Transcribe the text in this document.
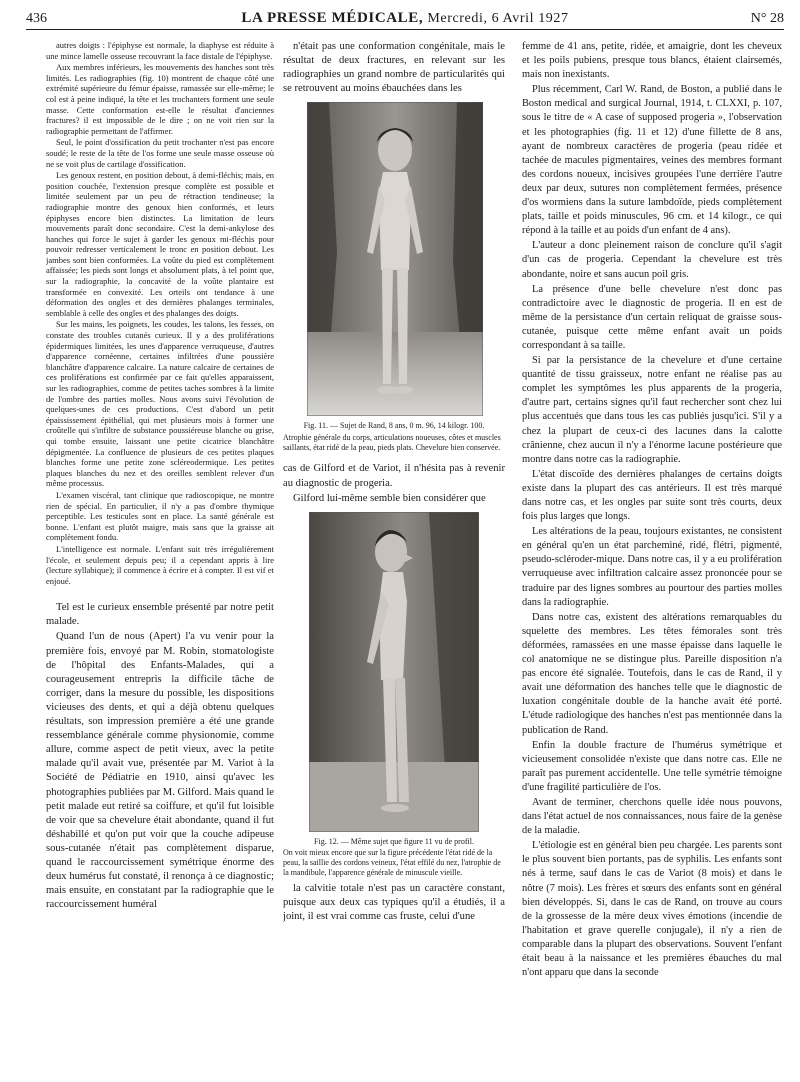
436	LA PRESSE MÉDICALE, Mercredi, 6 Avril 1927	N° 28

autres doigts : l'épiphyse est normale, la diaphyse est réduite à une mince lamelle osseuse recouvrant la face distale de l'épiphyse.

Aux membres inférieurs, les mouvements des hanches sont très limités. Les radiographies (fig. 10) montrent de chaque côté une extrémité supérieure du fémur épaisse, ramassée sur elle-même; le col est à peine indiqué, la tête et les trochanters forment une seule masse. Cette conformation est-elle le résultat d'anciennes fractures? il est impossible de le dire ; on ne voit rien sur la radiographie permettant de l'affirmer.

Seul, le point d'ossification du petit trochanter n'est pas encore soudé; le reste de la tête de l'os forme une seule masse osseuse où ne se voit plus de cartilage d'ossification.

Les genoux restent, en position debout, à demi-fléchis; mais, en position couchée, l'extension presque complète est possible et limitée seulement par un peu de rétraction tendineuse; la radiographie montre des genoux bien conformés, et leurs épiphyses encore bien distinctes. La limitation de leurs mouvements paraît donc secondaire. C'est la demi-ankylose des hanches qui force le sujet à garder les genoux mi-fléchis pour pouvoir redresser verticalement le tronc en position debout. Les jambes sont bien conformées. La voûte du pied est complètement affaissée; les pieds sont longs et absolument plats, à tel point que, sur la radiographie, la concavité de la voûte plantaire est transformée en convexité. Les orteils ont tendance à une déformation des ongles et des dernières phalanges terminales, semblable à celle des ongles et des phalanges des doigts.

Sur les mains, les poignets, les coudes, les talons, les fesses, on constate des troubles cutanés curieux. Il y a des proliférations épidermiques limitées, les unes d'apparence verruqueuse, d'autres d'apparence cornéenne, certaines infiltrées d'une poussière blanchâtre d'apparence calcaire. La nature calcaire de certaines de ces proliférations est confirmée par ce fait qu'elles apparaissent, sur les radiographies, comme de petites taches sombres à la limite de l'ombre des parties molles. Nous avons suivi l'évolution de quelques-unes de ces productions. C'est d'abord un petit épaississement épithélial, qui met plusieurs mois à former une croûtelle qui s'infiltre de substance poussiéreuse blanche ou grise, qui tombe ensuite, laissant une petite cicatrice blanchâtre dépigmentée. La confluence de plusieurs de ces petites plaques blanches forme une petite zone scléreodermique. Les petites plaques blanches du nez et des oreilles semblent relever d'un même processus.

L'examen viscéral, tant clinique que radioscopique, ne montre rien de spécial. En particulier, il n'y a pas d'ombre thymique perceptible. Les testicules sont en place. La santé générale est bonne. L'enfant est plutôt maigre, mais sans que la graisse ait complètement fondu.

L'intelligence est normale. L'enfant suit très irrégulièrement l'école, et seulement depuis peu; il a cependant appris à lire (lecture syllabique); il commence à écrire et à compter. Il est vif et enjoué.

Tel est le curieux ensemble présenté par notre petit malade.

Quand l'un de nous (Apert) l'a vu venir pour la première fois, envoyé par M. Robin, stomatologiste de l'hôpital des Enfants-Malades, qui a courageusement entrepris la difficile tâche de corriger, dans la mesure du possible, les dispositions vicieuses des dents, et qui a déjà obtenu quelques résultats, son impression première a été une grande ressemblance générale comme physionomie, comme allure, comme aspect de petit vieux, avec la petite malade qu'il avait vue, présentée par M. Variot à la Société de Pédiatrie en 1910, ainsi qu'avec les photographies publiées par M. Gilford. Mais quand le petit malade eut retiré sa coiffure, et qu'il fut loisible de voir que sa chevelure était abondante, quand il fut déshabillé et qu'on put voir que la couche adipeuse sous-cutanée n'était pas complètement disparue, quand le raccourcissement symétrique énorme des deux humérus fut constaté, il renonça à ce diagnostic; mais ensuite, en constatant par la radiographie que le raccourcissement huméral

n'était pas une conformation congénitale, mais le résultat de deux fractures, en relevant sur les radiographies un grand nombre de particularités qui se retrouvent au moins ébauchées dans les

Fig. 11. — Sujet de Rand, 8 ans, 0 m. 96, 14 kilogr. 100.
Atrophie générale du corps, articulations noueuses, côtes et muscles saillants, état ridé de la peau, pieds plats. Chevelure bien conservée.

cas de Gilford et de Variot, il n'hésita pas à revenir au diagnostic de progeria.

Gilford lui-même semble bien considérer que

Fig. 12. — Même sujet que figure 11 vu de profil.
On voit mieux encore que sur la figure précédente l'état ridé de la peau, la saillie des cordons veineux, l'état effilé du nez, l'atrophie de la mandibule, l'apparence générale de minuscule vieille.

la calvitie totale n'est pas un caractère constant, puisque aux deux cas typiques qu'il a étudiés, il a joint, il est vrai comme cas fruste, celui d'une

femme de 41 ans, petite, ridée, et amaigrie, dont les cheveux et les poils pubiens, presque tous blancs, étaient clairsemés, mais non inexistants.

Plus récemment, Carl W. Rand, de Boston, a publié dans le Boston medical and surgical Journal, 1914, t. CLXXI, p. 107, sous le titre de « A case of supposed progeria », l'observation et les photographies (fig. 11 et 12) d'une fillette de 8 ans, ayant de nombreux caractères de progeria (peau ridée et tachée de macules pigmentaires, veines des membres formant des cordons noueux, incisives groupées l'une derrière l'autre deux par deux, sutures non complètement fermées, présence d'os wormiens dans la suture lambdoïde, pieds complètement plats, taille et poids minuscules, 96 cm. et 14 kilogr., ce qui répond à la taille et au poids d'un enfant de 4 ans).

L'auteur a donc pleinement raison de conclure qu'il s'agit d'un cas de progeria. Cependant la chevelure est très abondante, noire et sans aucun poil gris.

La présence d'une belle chevelure n'est donc pas contradictoire avec le diagnostic de progeria. Il en est de même de la persistance d'un certain reliquat de graisse sous-cutanée, puisque cette même enfant avait un poids correspondant à sa taille.

Si par la persistance de la chevelure et d'une certaine quantité de tissu graisseux, notre enfant ne réalise pas au complet les symptômes les plus apparents de la progeria, d'autre part, certains signes qu'il faut rechercher sont chez lui plus accentués que dans tous les cas publiés jusqu'ici. S'il y a chez la plupart de ceux-ci des lacunes dans la calotte crânienne, chez aucun il n'y a l'énorme lacune postérieure que montre dans notre cas la radiographie.

L'état discoïde des dernières phalanges de certains doigts existe dans la plupart des cas antérieurs. Il est très marqué dans notre cas, et les ongles par suite sont très courts, deux fois plus larges que longs.

Les altérations de la peau, toujours existantes, ne consistent en général qu'en un état parcheminé, ridé, flétri, pigmenté, pseudo-scléroder-mique. Dans notre cas, il y a eu prolifération verruqueuse avec infiltration calcaire assez prononcée pour se traduire par des lignes sombres au pourtour des parties molles dans la radiographie.

Dans notre cas, existent des altérations remarquables du squelette des membres. Les têtes fémorales sont très déformées, ramassées en une masse épaisse dans laquelle le col anatomique ne se distingue plus. Pareille disposition n'a pas encore été signalée. Toutefois, dans le cas de Rand, il y avait une déformation des hanches telle que le diagnostic de luxation congénitale double de la hanche avait été porté. L'étude radiologique des hanches n'est pas mentionnée dans la publication de Rand.

Enfin la double fracture de l'humérus symétrique et vicieusement consolidée n'existe que dans notre cas. Elle ne paraît pas purement accidentelle. Une telle symétrie témoigne d'une fragilité particulière de l'os.

Avant de terminer, cherchons quelle idée nous pouvons, dans l'état actuel de nos connaissances, nous faire de la genèse de la maladie.

L'étiologie est en général bien peu chargée. Les parents sont le plus souvent bien portants, pas de syphilis. Les enfants sont nés à terme, sauf dans le cas de Variot (8 mois) et dans le nôtre (7 mois). Les frères et sœurs des enfants sont en général bien développés. Si, dans le cas de Rand, on trouve au cours de la grossesse de la mère deux vives émotions (incendie de l'habitation et grave querelle conjugale), il n'y a rien de comparable dans la plupart des observations. Souvent l'enfant était beau à la naissance et les premières ébauches du mal n'ont apparu que dans la seconde
